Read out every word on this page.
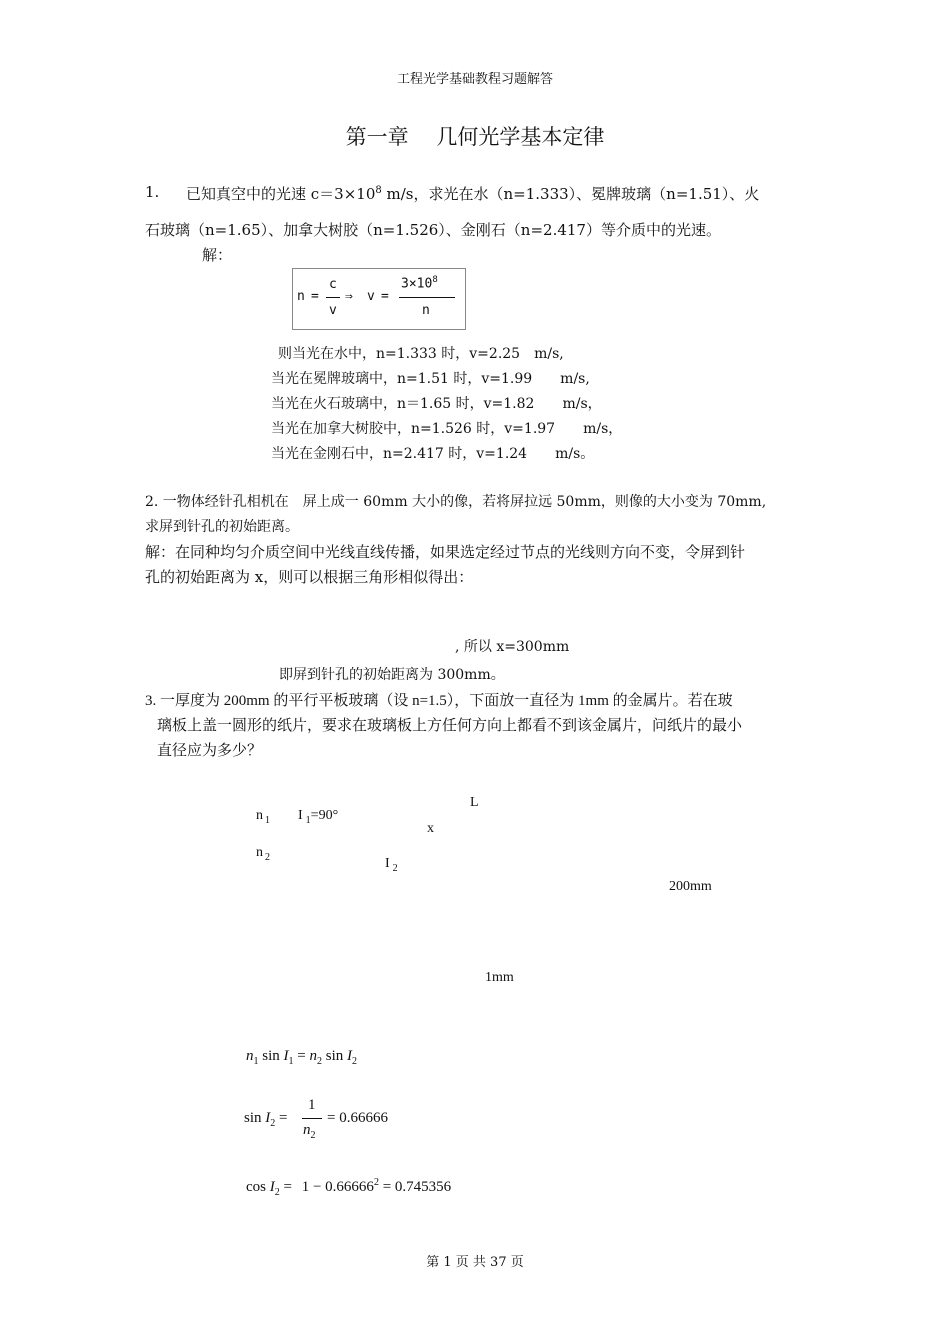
工程光学基础教程习题解答
第一章　 几何光学基本定律
1. 已知真空中的光速 $c=3\times 10^8$ m/s，求光在水（n=1.333）、冕牌玻璃（n=1.51）、火
石玻璃（n=1.65）、加拿大树胶（n=1.526）、金刚石（n=2.417）等介质中的光速。
解：
n =
c
v
⇒ v =
$3\times 10^8$
n
则当光在水中，n=1.333 时，v=2.25　m/s,
当光在冕牌玻璃中，n=1.51 时，v=1.99　　m/s,
当光在火石玻璃中，n＝1.65 时，v=1.82　　m/s，
当光在加拿大树胶中，n=1.526 时，v=1.97　　m/s，
当光在金刚石中，n=2.417 时，v=1.24　　m/s。
2. 一物体经针孔相机在　屏上成一 60mm 大小的像，若将屏拉远 50mm，则像的大小变为 70mm,
求屏到针孔的初始距离。
解：在同种均匀介质空间中光线直线传播，如果选定经过节点的光线则方向不变，令屏到针
孔的初始距离为 x，则可以根据三角形相似得出：
, 所以 x=300mm
即屏到针孔的初始距离为 300mm。
3. 一厚度为 200mm 的平行平板玻璃（设 n=1.5），下面放一直径为 1mm 的金属片。若在玻
璃板上盖一圆形的纸片，要求在玻璃板上方任何方向上都看不到该金属片，问纸片的最小
直径应为多少？
L
n $_1$ I $_1$=90°
x
n $_2$	I $_2$
200mm
1mm
$n_1$ $\sin I_1 = n_2$ $\sin I_2$
$\sin I_2$ =
1
$n_2$
= 0.66666
$\cos I_2 = 1 - 0.66666^2 = 0.745356$
第 1 页 共 37 页
